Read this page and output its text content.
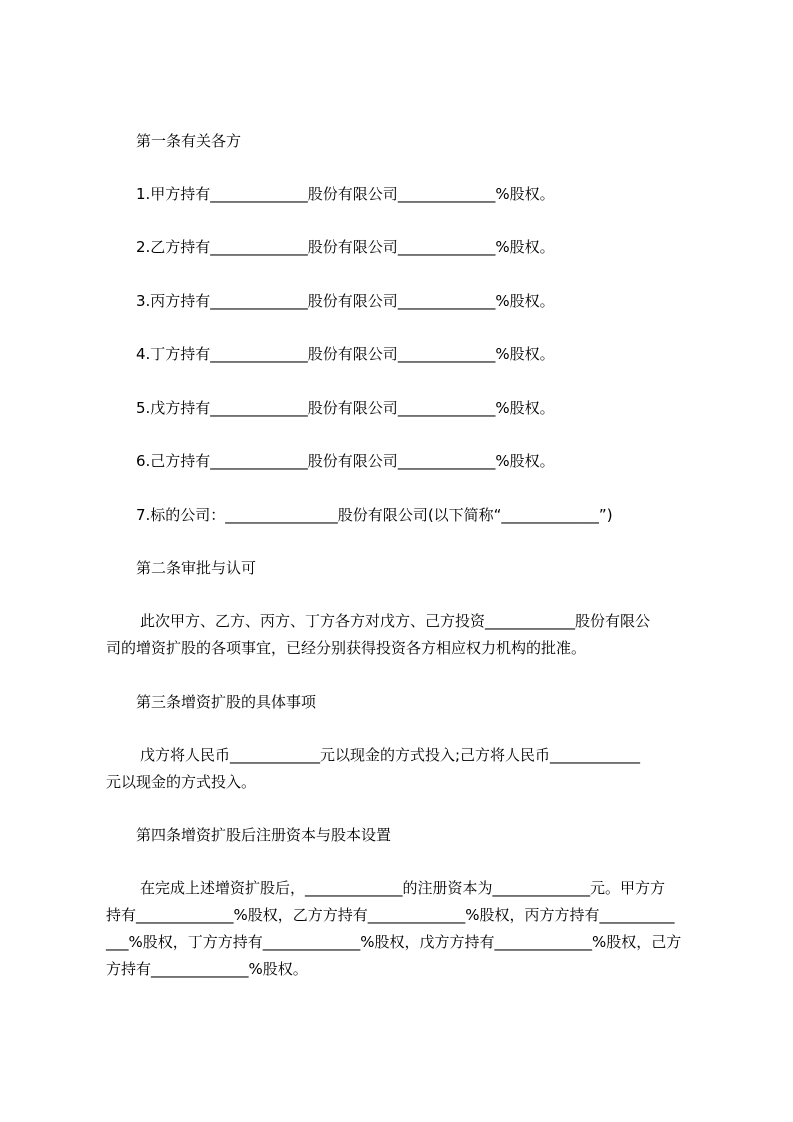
第一条有关各方
1.甲方持有_____________股份有限公司_____________%股权。
2.乙方持有_____________股份有限公司_____________%股权。
3.丙方持有_____________股份有限公司_____________%股权。
4.丁方持有_____________股份有限公司_____________%股权。
5.戊方持有_____________股份有限公司_____________%股权。
6.己方持有_____________股份有限公司_____________%股权。
7.标的公司：_______________股份有限公司(以下简称“_____________”)
第二条审批与认可
此次甲方、乙方、丙方、丁方各方对戊方、己方投资____________股份有限公
司的增资扩股的各项事宜，已经分别获得投资各方相应权力机构的批准。
第三条增资扩股的具体事项
戊方将人民币____________元以现金的方式投入;己方将人民币____________
元以现金的方式投入。
第四条增资扩股后注册资本与股本设置
在完成上述增资扩股后，_____________的注册资本为_____________元。甲方方
持有_____________%股权，乙方方持有_____________%股权，丙方方持有__________
___%股权，丁方方持有_____________%股权，戊方方持有_____________%股权，己方
方持有_____________%股权。
